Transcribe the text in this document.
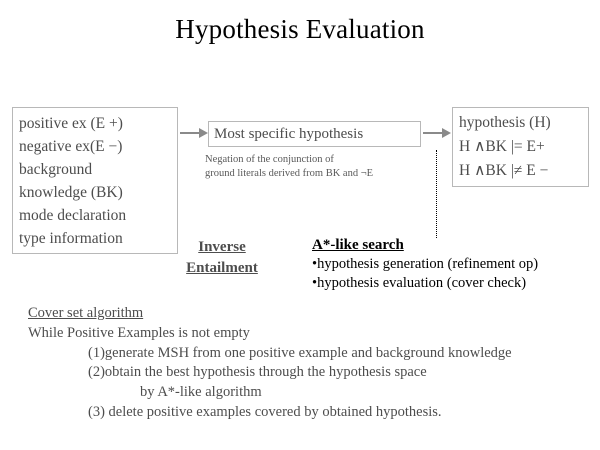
Hypothesis Evaluation
positive ex (E +)
negative ex(E −)
background
knowledge (BK)
mode declaration
type information
Most specific hypothesis
Negation of the conjunction of
ground literals derived from BK and ¬E
hypothesis (H)
H ∧BK |= E+
H ∧BK |≠ E −
Inverse Entailment
A*-like search
•hypothesis generation (refinement op)
•hypothesis evaluation (cover check)
Cover set algorithm
While Positive Examples is not empty
(1)generate MSH from one positive example and background knowledge
(2)obtain the best hypothesis through the hypothesis space
by A*-like algorithm
(3) delete positive examples covered by obtained hypothesis.
